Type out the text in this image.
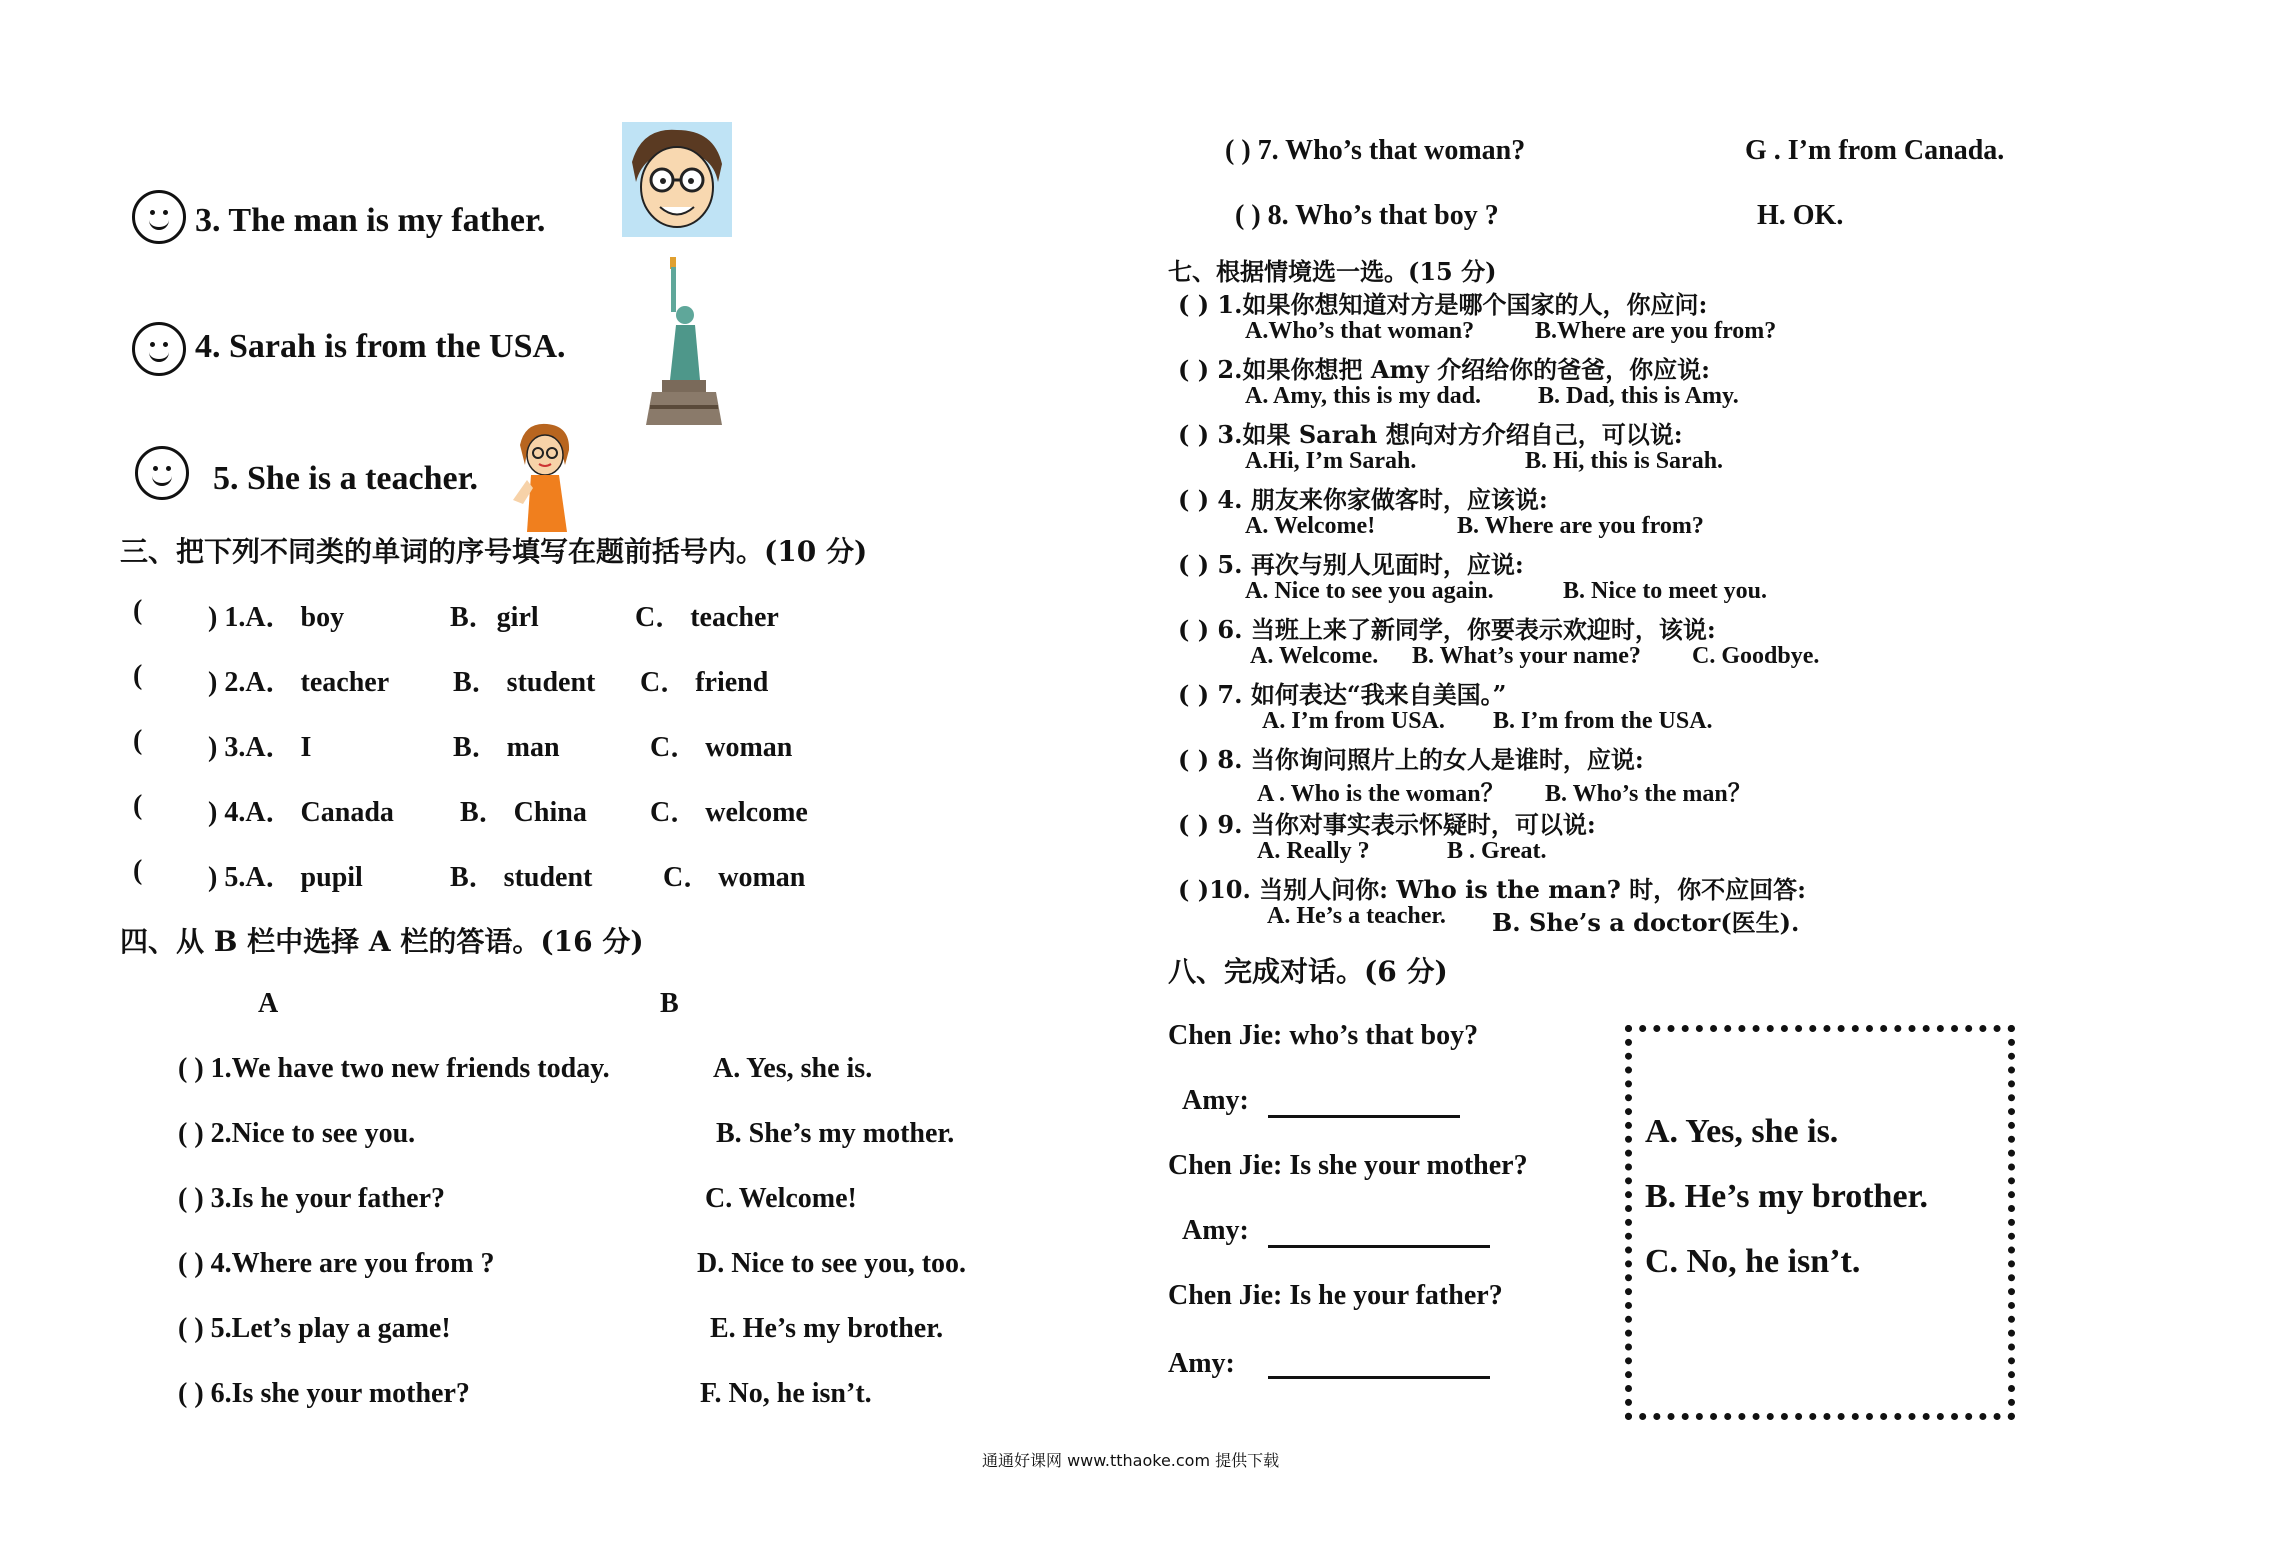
3. The man is my father.
4. Sarah is from the USA.
5. She is a teacher.
三、把下列不同类的单词的序号填写在题前括号内。(10 分)
( ) 1.A． boy	B．girl	C． teacher
( ) 2.A． teacher B． student C． friend
( ) 3.A． I	B． man	C． woman
( ) 4.A． Canada B． China C． welcome
( ) 5.A． pupil	B． student	C． woman
四、从 B 栏中选择 A 栏的答语。(16 分)
A	B
( ) 1.We have two new friends today.	A. Yes, she is.
( ) 2.Nice to see you.	B. She’s my mother.
( ) 3.Is he your father?	C. Welcome!
( ) 4.Where are you from ?	D. Nice to see you, too.
( ) 5.Let’s play a game!	E. He’s my brother.
( ) 6.Is she your mother?	F. No, he isn’t.
( ) 7. Who’s that woman?	G . I’m from Canada.
( ) 8. Who’s that boy ?	H. OK.
七、根据情境选一选。(15 分)
( ) 1.如果你想知道对方是哪个国家的人，你应问:
A.Who’s that woman?	B.Where are you from?
( ) 2.如果你想把 Amy 介绍给你的爸爸，你应说:
A. Amy, this is my dad. B. Dad, this is Amy.
( ) 3.如果 Sarah 想向对方介绍自己，可以说:
A.Hi, I’m Sarah.	B. Hi, this is Sarah.
( ) 4. 朋友来你家做客时，应该说:
A. Welcome!	B. Where are you from?
( ) 5. 再次与别人见面时，应说:
A. Nice to see you again.	B. Nice to meet you.
( ) 6. 当班上来了新同学，你要表示欢迎时，该说:
A. Welcome. B. What’s your name? C. Goodbye.
( ) 7. 如何表达“我来自美国。”
A. I’m from USA. B. I’m from the USA.
( ) 8. 当你询问照片上的女人是谁时，应说:
A . Who is the woman？ B. Who’s the man？
( ) 9. 当你对事实表示怀疑时，可以说:
A. Really ?	B . Great.
( )10. 当别人问你: Who is the man? 时，你不应回答:
A. He’s a teacher. B. She’s a doctor(医生).
八、完成对话。(6 分)
Chen Jie: who’s that boy?
Amy:
Chen Jie: Is she your mother?
Amy:
Chen Jie: Is he your father?
Amy:
A. Yes, she is.
B. He’s my brother.
C. No, he isn’t.
通通好课网 www.tthaoke.com 提供下载
